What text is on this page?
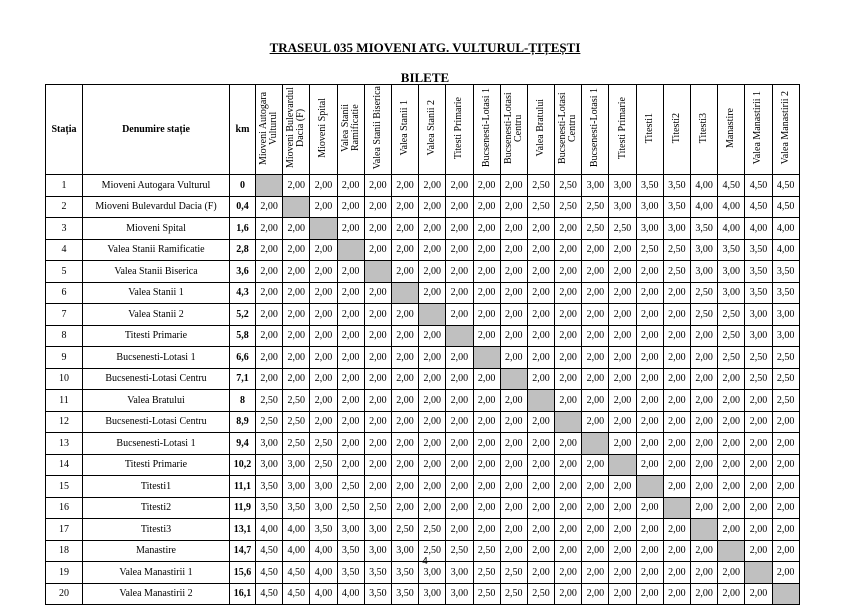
TRASEUL 035 MIOVENI ATG. VULTURUL-ȚIȚEȘTI
BILETE
Stația	Denumire stație	km	Mioveni Autogara Vulturul	Mioveni Bulevardul Dacia (F)	Mioveni Spital	Valea Stanii Ramificatie	Valea Stanii Biserica	Valea Stanii 1	Valea Stanii 2	Titesti Primarie	Bucsenesti-Lotasi 1	Bucsenesti-Lotasi Centru	Valea Bratului	Bucsenesti-Lotasi Centru	Bucsenesti-Lotasi 1	Titesti Primarie	Titesti1	Titesti2	Titesti3	Manastire	Valea Manastirii 1	Valea Manastirii 2
1	Mioveni Autogara Vulturul	0		2,00	2,00	2,00	2,00	2,00	2,00	2,00	2,00	2,00	2,50	2,50	3,00	3,00	3,50	3,50	4,00	4,50	4,50	4,50
2	Mioveni Bulevardul Dacia (F)	0,4	2,00		2,00	2,00	2,00	2,00	2,00	2,00	2,00	2,00	2,50	2,50	2,50	3,00	3,00	3,50	4,00	4,00	4,50	4,50
3	Mioveni Spital	1,6	2,00	2,00		2,00	2,00	2,00	2,00	2,00	2,00	2,00	2,00	2,00	2,50	2,50	3,00	3,00	3,50	4,00	4,00	4,00
4	Valea Stanii Ramificatie	2,8	2,00	2,00	2,00		2,00	2,00	2,00	2,00	2,00	2,00	2,00	2,00	2,00	2,00	2,50	2,50	3,00	3,50	3,50	4,00
5	Valea Stanii Biserica	3,6	2,00	2,00	2,00	2,00		2,00	2,00	2,00	2,00	2,00	2,00	2,00	2,00	2,00	2,00	2,50	3,00	3,00	3,50	3,50
6	Valea Stanii 1	4,3	2,00	2,00	2,00	2,00	2,00		2,00	2,00	2,00	2,00	2,00	2,00	2,00	2,00	2,00	2,00	2,50	3,00	3,50	3,50
7	Valea Stanii 2	5,2	2,00	2,00	2,00	2,00	2,00	2,00		2,00	2,00	2,00	2,00	2,00	2,00	2,00	2,00	2,00	2,50	2,50	3,00	3,00
8	Titesti Primarie	5,8	2,00	2,00	2,00	2,00	2,00	2,00	2,00		2,00	2,00	2,00	2,00	2,00	2,00	2,00	2,00	2,00	2,50	3,00	3,00
9	Bucsenesti-Lotasi 1	6,6	2,00	2,00	2,00	2,00	2,00	2,00	2,00	2,00		2,00	2,00	2,00	2,00	2,00	2,00	2,00	2,00	2,50	2,50	2,50
10	Bucsenesti-Lotasi Centru	7,1	2,00	2,00	2,00	2,00	2,00	2,00	2,00	2,00	2,00		2,00	2,00	2,00	2,00	2,00	2,00	2,00	2,00	2,50	2,50
11	Valea Bratului	8	2,50	2,50	2,00	2,00	2,00	2,00	2,00	2,00	2,00	2,00		2,00	2,00	2,00	2,00	2,00	2,00	2,00	2,00	2,50
12	Bucsenesti-Lotasi Centru	8,9	2,50	2,50	2,00	2,00	2,00	2,00	2,00	2,00	2,00	2,00	2,00		2,00	2,00	2,00	2,00	2,00	2,00	2,00	2,00
13	Bucsenesti-Lotasi 1	9,4	3,00	2,50	2,50	2,00	2,00	2,00	2,00	2,00	2,00	2,00	2,00	2,00		2,00	2,00	2,00	2,00	2,00	2,00	2,00
14	Titesti Primarie	10,2	3,00	3,00	2,50	2,00	2,00	2,00	2,00	2,00	2,00	2,00	2,00	2,00	2,00		2,00	2,00	2,00	2,00	2,00	2,00
15	Titesti1	11,1	3,50	3,00	3,00	2,50	2,00	2,00	2,00	2,00	2,00	2,00	2,00	2,00	2,00	2,00		2,00	2,00	2,00	2,00	2,00
16	Titesti2	11,9	3,50	3,50	3,00	2,50	2,50	2,00	2,00	2,00	2,00	2,00	2,00	2,00	2,00	2,00	2,00		2,00	2,00	2,00	2,00
17	Titesti3	13,1	4,00	4,00	3,50	3,00	3,00	2,50	2,50	2,00	2,00	2,00	2,00	2,00	2,00	2,00	2,00	2,00		2,00	2,00	2,00
18	Manastire	14,7	4,50	4,00	4,00	3,50	3,00	3,00	2,50	2,50	2,50	2,00	2,00	2,00	2,00	2,00	2,00	2,00	2,00		2,00	2,00
19	Valea Manastirii 1	15,6	4,50	4,50	4,00	3,50	3,50	3,50	3,00	3,00	2,50	2,50	2,00	2,00	2,00	2,00	2,00	2,00	2,00	2,00		2,00
20	Valea Manastirii 2	16,1	4,50	4,50	4,00	4,00	3,50	3,50	3,00	3,00	2,50	2,50	2,50	2,00	2,00	2,00	2,00	2,00	2,00	2,00	2,00	
4
